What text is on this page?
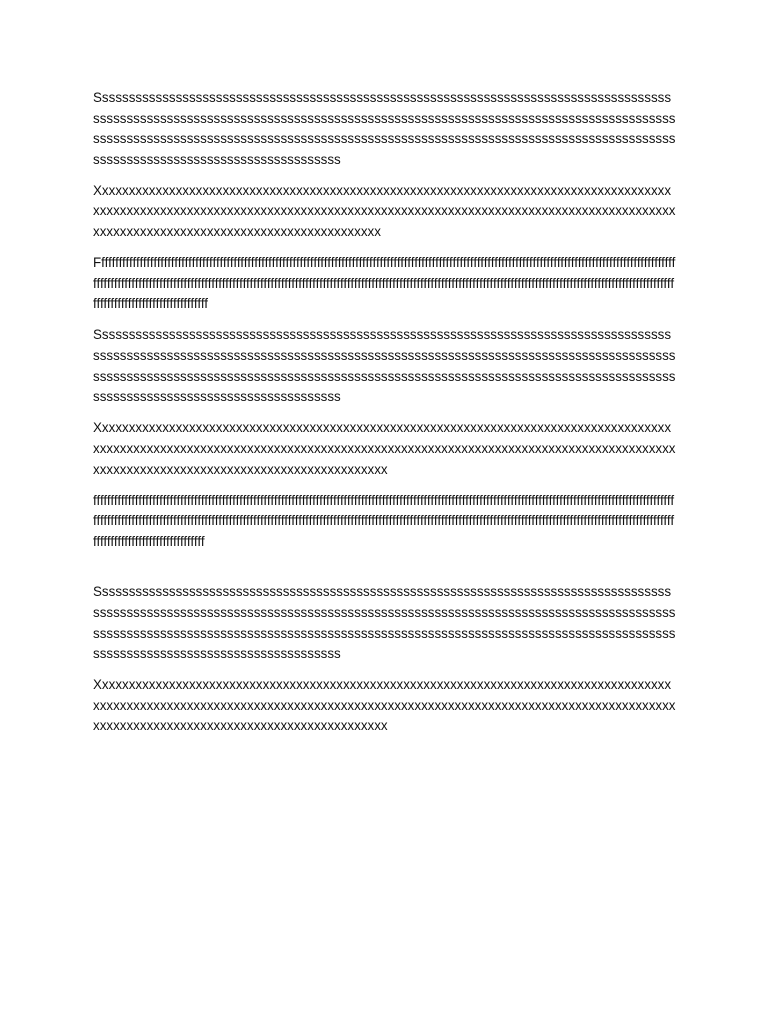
Sssssssssssssssssssssssssssssssssssssssssssssssssssssssssssssssssssssssssssssssssssssssssssssssssssssssssssssssssssssssssssssssssssssssssssssssssssssssssssssssssssssssssssssssssssssssssssssssssssssssssssssssssssssssssssssssssssssssssssssssssssssssssssssssssssssssssssssssssssssssssssssssssssssssss

Xxxxxxxxxxxxxxxxxxxxxxxxxxxxxxxxxxxxxxxxxxxxxxxxxxxxxxxxxxxxxxxxxxxxxxxxxxxxxxxxxxxxxxxxxxxxxxxxxxxxxxxxxxxxxxxxxxxxxxxxxxxxxxxxxxxxxxxxxxxxxxxxxxxxxxxxxxxxxxxxxxxxxxxxxxxxxxxxxxxxxxxxxxxxxxxxxxxxxxxxxxxxxxxxxxxxxxxx

Ffffffffffffffffffffffffffffffffffffffffffffffffffffffffffffffffffffffffffffffffffffffffffffffffffffffffffffffffffffffffffffffffffffffffffffffffffffffffffffffffffffffffffffffffffffffffffffffffffffffffffffffffffffffffffffffffffffffffffffffffffffffffffffffffffffffffffffffffffffffffffffffffffffffffffffffffffffffffffffffffffffffffffffffffffffffffffffffffffffffffffffff

Sssssssssssssssssssssssssssssssssssssssssssssssssssssssssssssssssssssssssssssssssssssssssssssssssssssssssssssssssssssssssssssssssssssssssssssssssssssssssssssssssssssssssssssssssssssssssssssssssssssssssssssssssssssssssssssssssssssssssssssssssssssssssssssssssssssssssssssssssssssssssssssssssssssssss

Xxxxxxxxxxxxxxxxxxxxxxxxxxxxxxxxxxxxxxxxxxxxxxxxxxxxxxxxxxxxxxxxxxxxxxxxxxxxxxxxxxxxxxxxxxxxxxxxxxxxxxxxxxxxxxxxxxxxxxxxxxxxxxxxxxxxxxxxxxxxxxxxxxxxxxxxxxxxxxxxxxxxxxxxxxxxxxxxxxxxxxxxxxxxxxxxxxxxxxxxxxxxxxxxxxxxxxxxx

ffffffffffffffffffffffffffffffffffffffffffffffffffffffffffffffffffffffffffffffffffffffffffffffffffffffffffffffffffffffffffffffffffffffffffffffffffffffffffffffffffffffffffffffffffffffffffffffffffffffffffffffffffffffffffffffffffffffffffffffffffffffffffffffffffffffffffffffffffffffffffffffffffffffffffffffffffffffffffffffffffffffffffffffffffffffffffffffffffffffffffffff

Sssssssssssssssssssssssssssssssssssssssssssssssssssssssssssssssssssssssssssssssssssssssssssssssssssssssssssssssssssssssssssssssssssssssssssssssssssssssssssssssssssssssssssssssssssssssssssssssssssssssssssssssssssssssssssssssssssssssssssssssssssssssssssssssssssssssssssssssssssssssssssssssssssssssss

Xxxxxxxxxxxxxxxxxxxxxxxxxxxxxxxxxxxxxxxxxxxxxxxxxxxxxxxxxxxxxxxxxxxxxxxxxxxxxxxxxxxxxxxxxxxxxxxxxxxxxxxxxxxxxxxxxxxxxxxxxxxxxxxxxxxxxxxxxxxxxxxxxxxxxxxxxxxxxxxxxxxxxxxxxxxxxxxxxxxxxxxxxxxxxxxxxxxxxxxxxxxxxxxxxxxxxxxxx
